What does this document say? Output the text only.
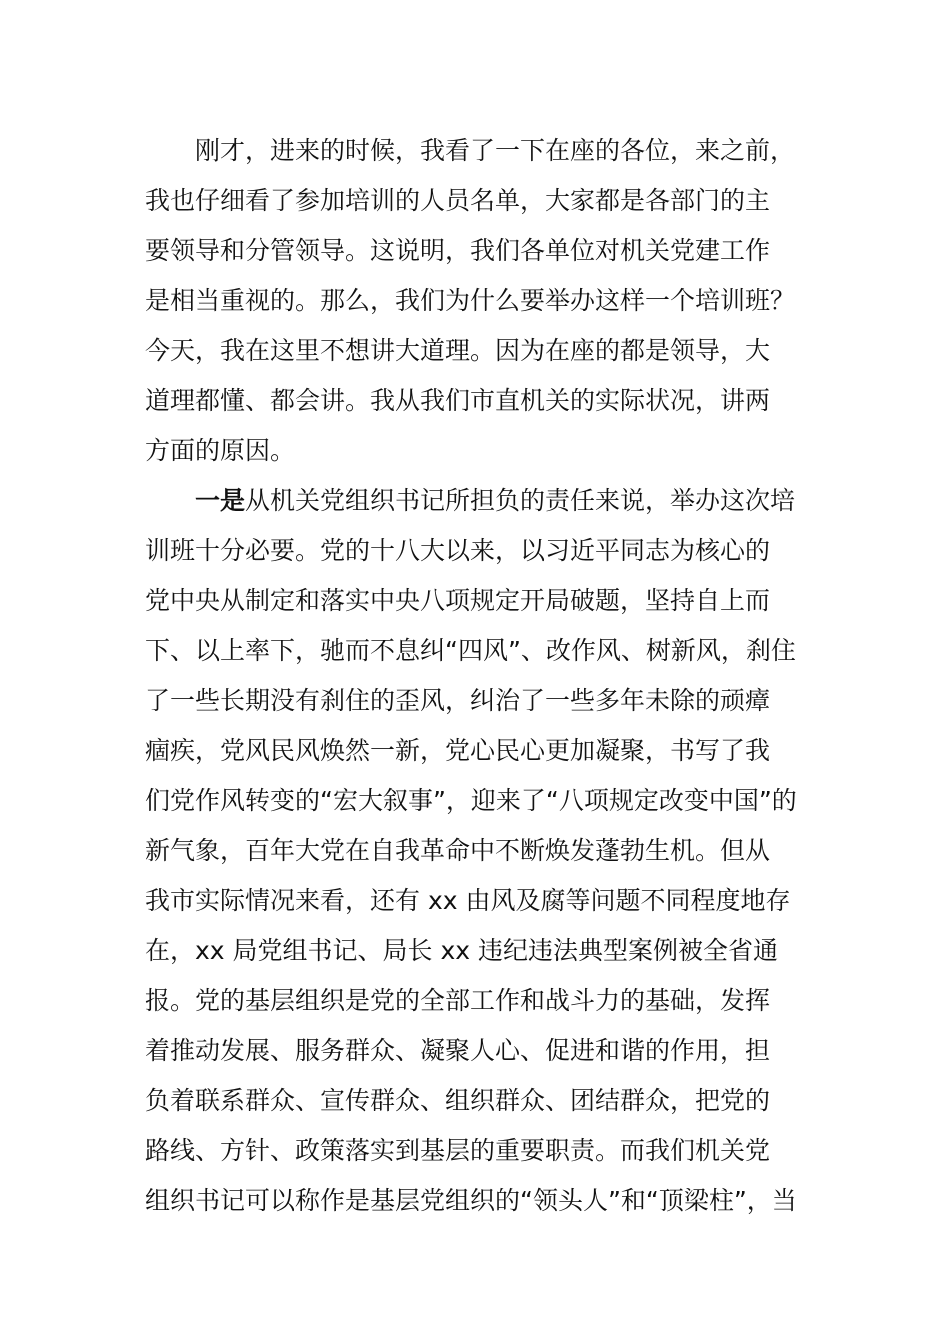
　　刚才，进来的时候，我看了一下在座的各位，来之前，
我也仔细看了参加培训的人员名单，大家都是各部门的主
要领导和分管领导。这说明，我们各单位对机关党建工作
是相当重视的。那么，我们为什么要举办这样一个培训班？
今天，我在这里不想讲大道理。因为在座的都是领导，大
道理都懂、都会讲。我从我们市直机关的实际状况，讲两
方面的原因。
　　一是从机关党组织书记所担负的责任来说，举办这次培
训班十分必要。党的十八大以来，以习近平同志为核心的
党中央从制定和落实中央八项规定开局破题，坚持自上而
下、以上率下，驰而不息纠“四风”、改作风、树新风，刹住
了一些长期没有刹住的歪风，纠治了一些多年未除的顽瘴
痼疾，党风民风焕然一新，党心民心更加凝聚，书写了我
们党作风转变的“宏大叙事”，迎来了“八项规定改变中国”的
新气象，百年大党在自我革命中不断焕发蓬勃生机。但从
我市实际情况来看，还有 xx 由风及腐等问题不同程度地存
在，xx 局党组书记、局长 xx 违纪违法典型案例被全省通
报。党的基层组织是党的全部工作和战斗力的基础，发挥
着推动发展、服务群众、凝聚人心、促进和谐的作用，担
负着联系群众、宣传群众、组织群众、团结群众，把党的
路线、方针、政策落实到基层的重要职责。而我们机关党
组织书记可以称作是基层党组织的“领头人”和“顶梁柱”，当
